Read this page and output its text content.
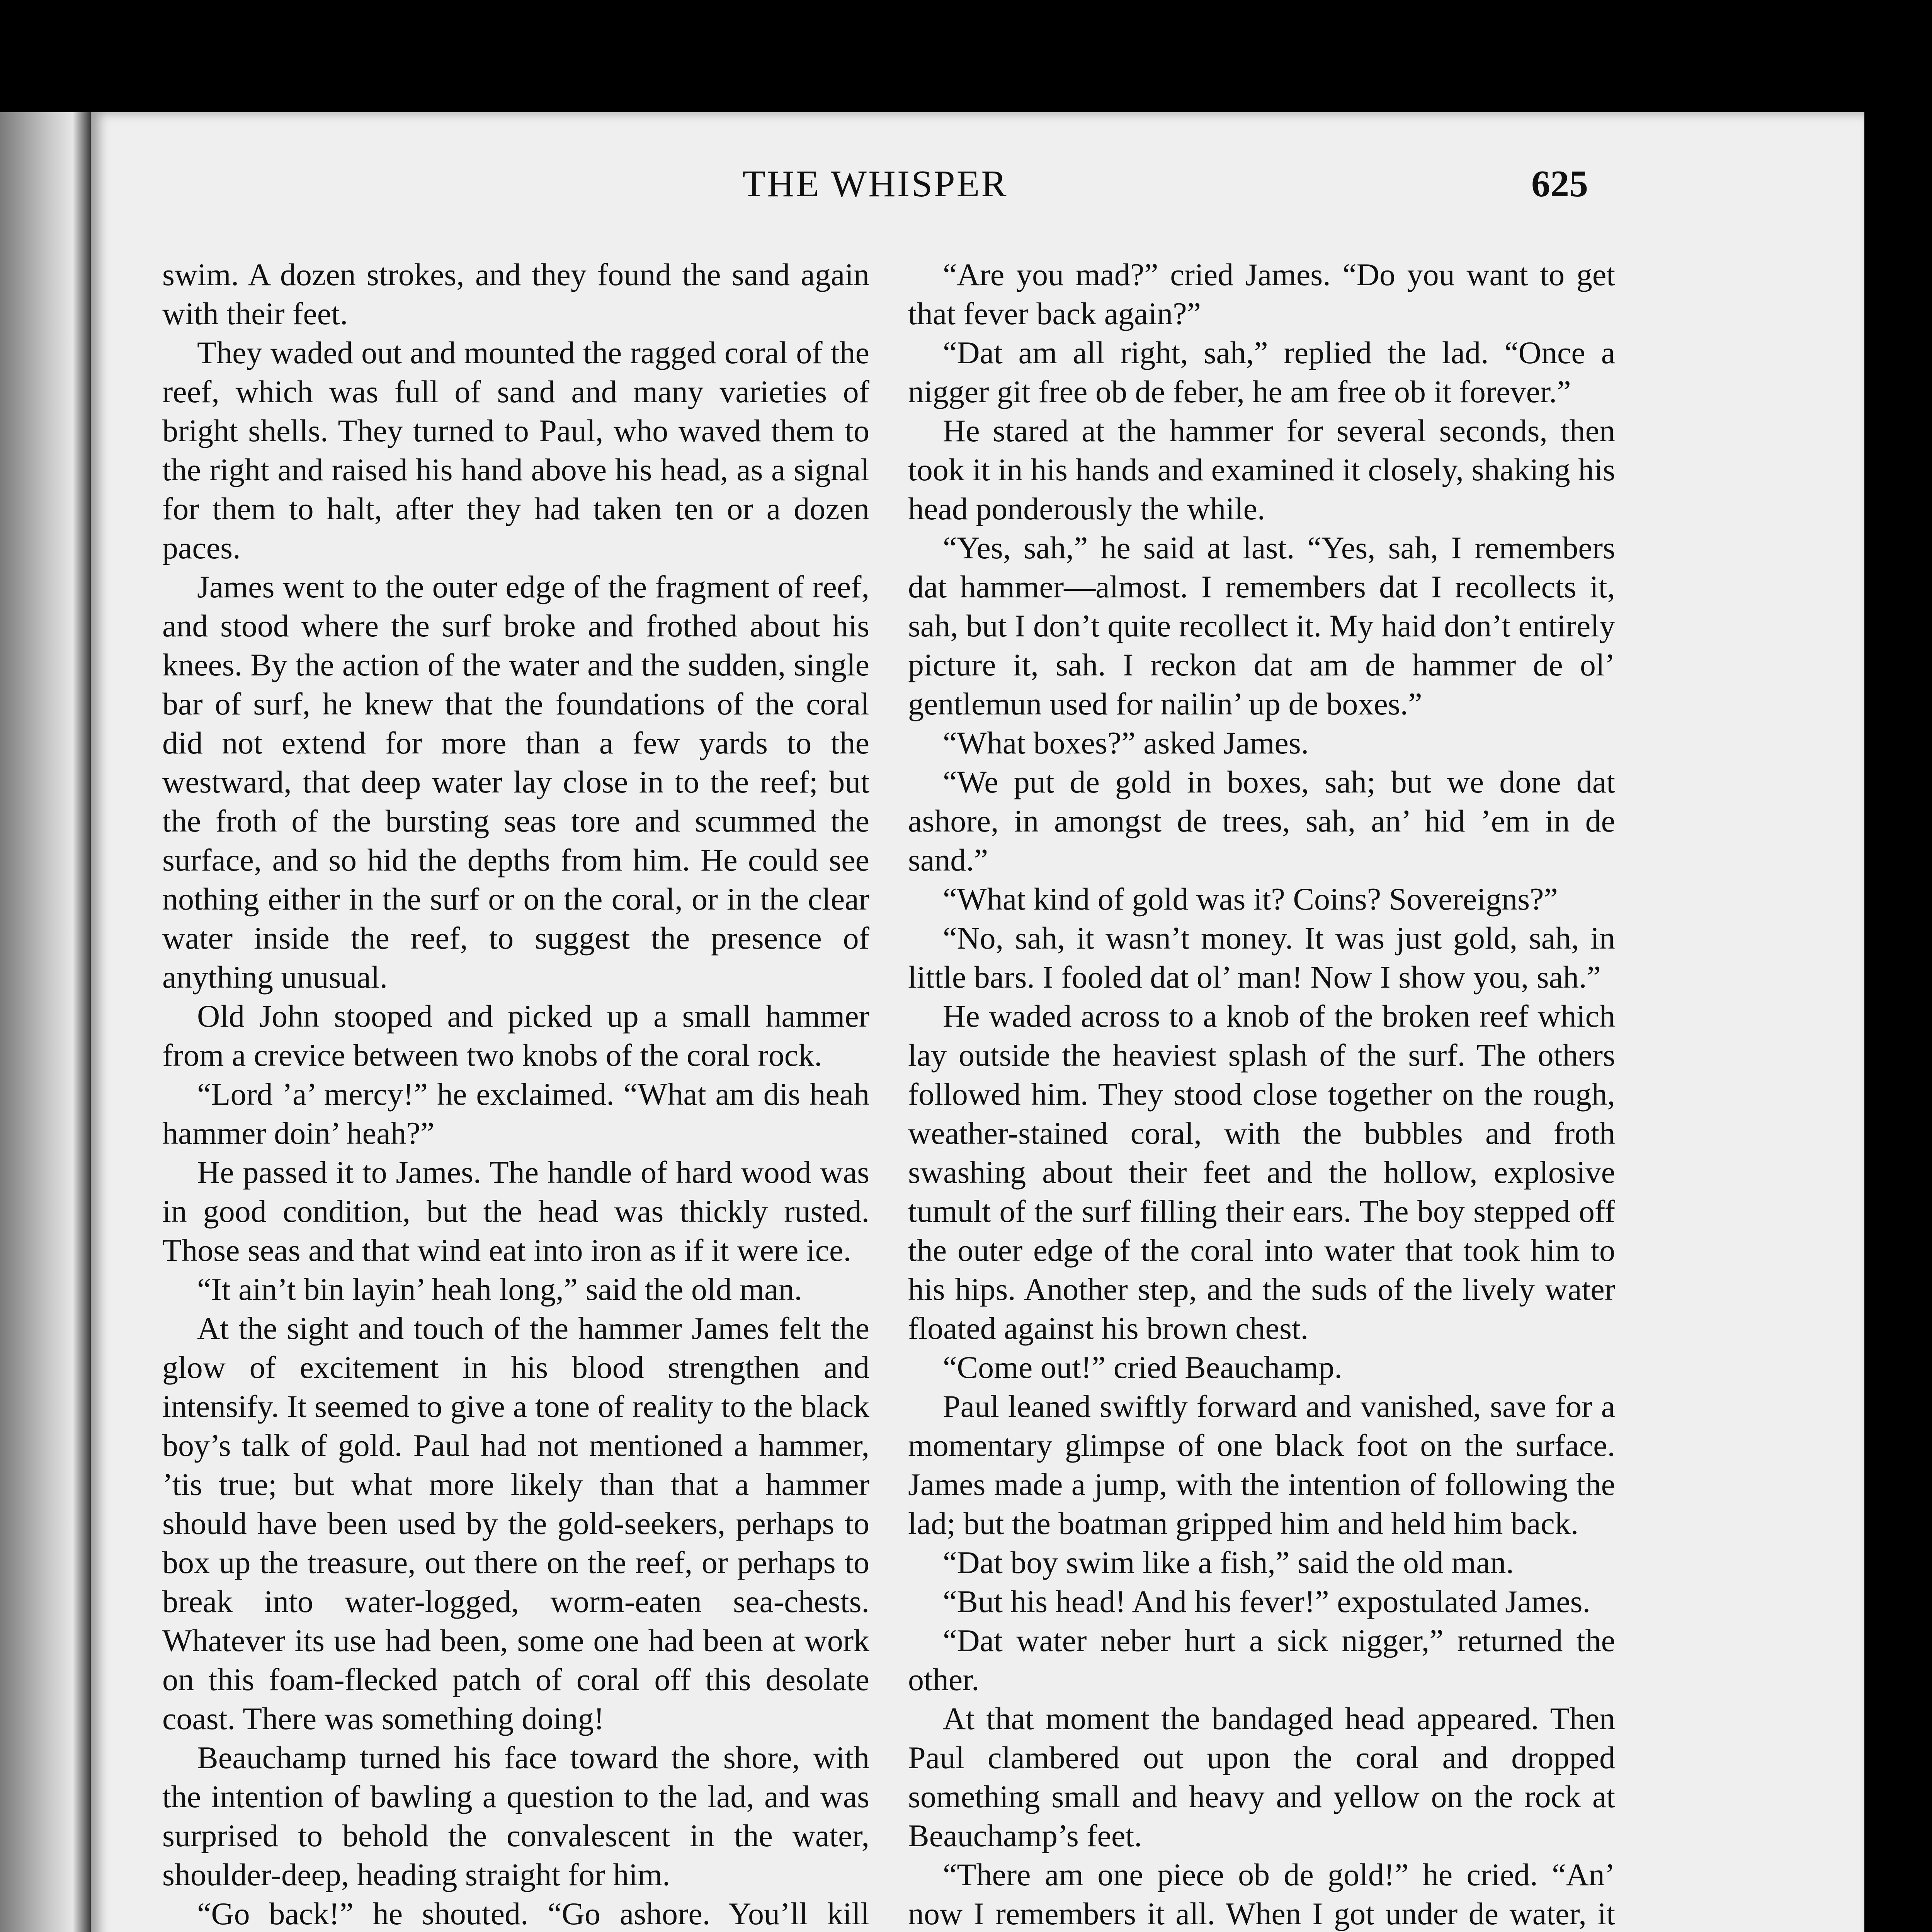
THE WHISPER	625

swim. A dozen strokes, and they found the sand again with their feet.

They waded out and mounted the ragged coral of the reef, which was full of sand and many varieties of bright shells. They turned to Paul, who waved them to the right and raised his hand above his head, as a signal for them to halt, after they had taken ten or a dozen paces.

James went to the outer edge of the fragment of reef, and stood where the surf broke and frothed about his knees. By the action of the water and the sudden, single bar of surf, he knew that the foundations of the coral did not extend for more than a few yards to the westward, that deep water lay close in to the reef; but the froth of the bursting seas tore and scummed the surface, and so hid the depths from him. He could see nothing either in the surf or on the coral, or in the clear water inside the reef, to suggest the presence of anything unusual.

Old John stooped and picked up a small hammer from a crevice between two knobs of the coral rock.

“Lord ’a’ mercy!” he exclaimed. “What am dis heah hammer doin’ heah?”

He passed it to James. The handle of hard wood was in good condition, but the head was thickly rusted. Those seas and that wind eat into iron as if it were ice.

“It ain’t bin layin’ heah long,” said the old man.

At the sight and touch of the hammer James felt the glow of excitement in his blood strengthen and intensify. It seemed to give a tone of reality to the black boy’s talk of gold. Paul had not mentioned a hammer, ’tis true; but what more likely than that a hammer should have been used by the gold-seekers, perhaps to box up the treasure, out there on the reef, or perhaps to break into water-logged, worm-eaten sea-chests. Whatever its use had been, some one had been at work on this foam-flecked patch of coral off this desolate coast. There was something doing!

Beauchamp turned his face toward the shore, with the intention of bawling a question to the lad, and was surprised to behold the convalescent in the water, shoulder-deep, heading straight for him.

“Go back!” he shouted. “Go ashore. You’ll kill

“Are you mad?” cried James. “Do you want to get that fever back again?”

“Dat am all right, sah,” replied the lad. “Once a nigger git free ob de feber, he am free ob it forever.”

He stared at the hammer for several seconds, then took it in his hands and examined it closely, shaking his head ponderously the while.

“Yes, sah,” he said at last. “Yes, sah, I remembers dat hammer—almost. I remembers dat I recollects it, sah, but I don’t quite recollect it. My haid don’t entirely picture it, sah. I reckon dat am de hammer de ol’ gentlemun used for nailin’ up de boxes.”

“What boxes?” asked James.

“We put de gold in boxes, sah; but we done dat ashore, in amongst de trees, sah, an’ hid ’em in de sand.”

“What kind of gold was it? Coins? Sovereigns?”

“No, sah, it wasn’t money. It was just gold, sah, in little bars. I fooled dat ol’ man! Now I show you, sah.”

He waded across to a knob of the broken reef which lay outside the heaviest splash of the surf. The others followed him. They stood close together on the rough, weather-stained coral, with the bubbles and froth swashing about their feet and the hollow, explosive tumult of the surf filling their ears. The boy stepped off the outer edge of the coral into water that took him to his hips. Another step, and the suds of the lively water floated against his brown chest.

“Come out!” cried Beauchamp.

Paul leaned swiftly forward and vanished, save for a momentary glimpse of one black foot on the surface. James made a jump, with the intention of following the lad; but the boatman gripped him and held him back.

“Dat boy swim like a fish,” said the old man.

“But his head! And his fever!” expostulated James.

“Dat water neber hurt a sick nigger,” returned the other.

At that moment the bandaged head appeared. Then Paul clambered out upon the coral and dropped something small and heavy and yellow on the rock at Beauchamp’s feet.

“There am one piece ob de gold!” he cried. “An’ now I remembers it all. When I got under de water, it
